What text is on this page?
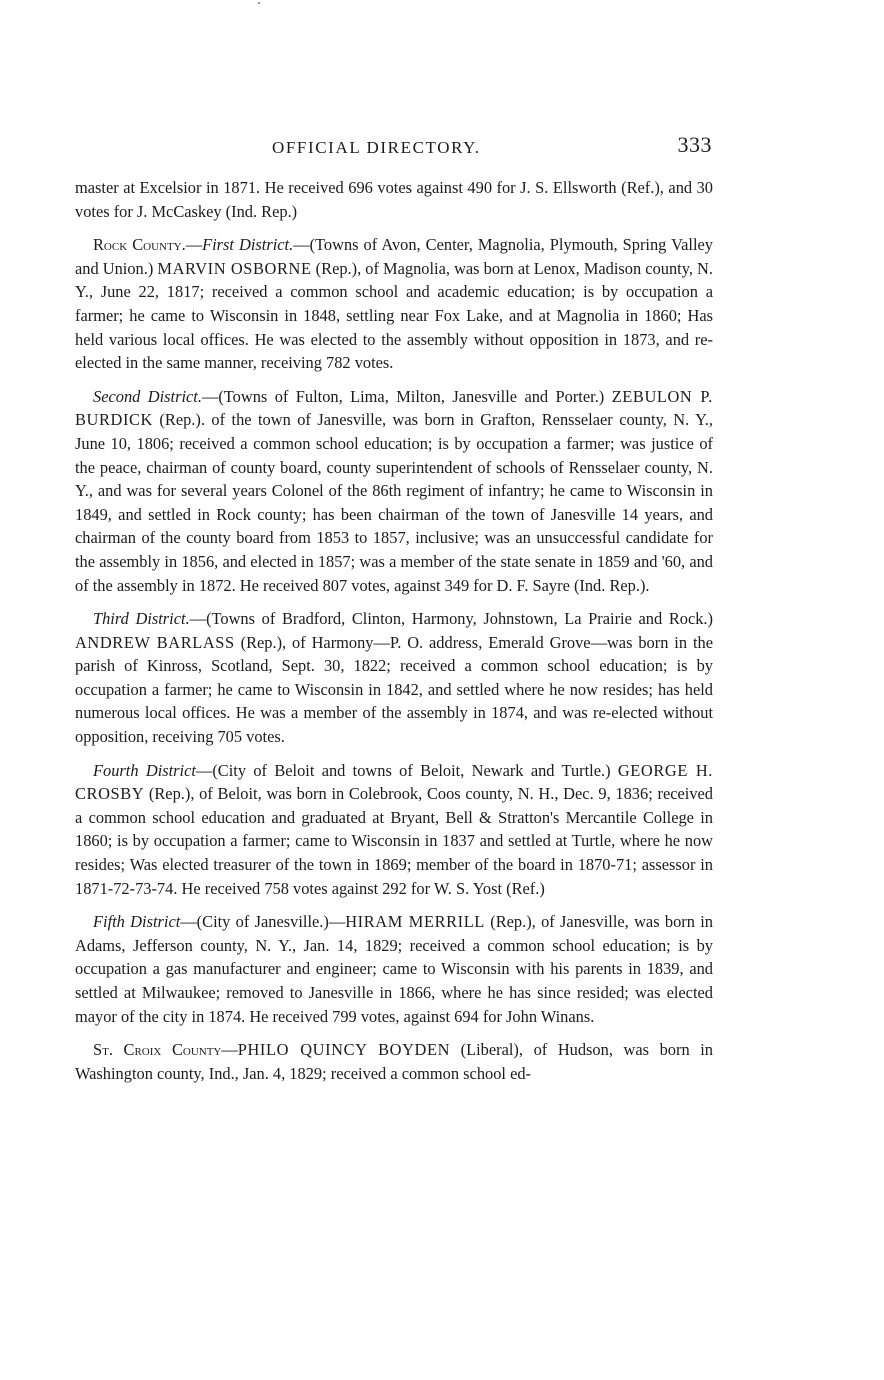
OFFICIAL DIRECTORY.	333

master at Excelsior in 1871. He received 696 votes against 490 for J. S. Ellsworth (Ref.), and 30 votes for J. McCaskey (Ind. Rep.)

Rock County.—First District.—(Towns of Avon, Center, Magnolia, Plymouth, Spring Valley and Union.) MARVIN OSBORNE (Rep.), of Magnolia, was born at Lenox, Madison county, N. Y., June 22, 1817; received a common school and academic education; is by occupation a farmer; he came to Wisconsin in 1848, settling near Fox Lake, and at Magnolia in 1860; Has held various local offices. He was elected to the assembly without opposition in 1873, and re-elected in the same manner, receiving 782 votes.

Second District.—(Towns of Fulton, Lima, Milton, Janesville and Porter.) ZEBULON P. BURDICK (Rep.). of the town of Janesville, was born in Grafton, Rensselaer county, N. Y., June 10, 1806; received a common school education; is by occupation a farmer; was justice of the peace, chairman of county board, county superintendent of schools of Rensselaer county, N. Y., and was for several years Colonel of the 86th regiment of infantry; he came to Wisconsin in 1849, and settled in Rock county; has been chairman of the town of Janesville 14 years, and chairman of the county board from 1853 to 1857, inclusive; was an unsuccessful candidate for the assembly in 1856, and elected in 1857; was a member of the state senate in 1859 and '60, and of the assembly in 1872. He received 807 votes, against 349 for D. F. Sayre (Ind. Rep.).

Third District.—(Towns of Bradford, Clinton, Harmony, Johnstown, La Prairie and Rock.) ANDREW BARLASS (Rep.), of Harmony—P. O. address, Emerald Grove—was born in the parish of Kinross, Scotland, Sept. 30, 1822; received a common school education; is by occupation a farmer; he came to Wisconsin in 1842, and settled where he now resides; has held numerous local offices. He was a member of the assembly in 1874, and was re-elected without opposition, receiving 705 votes.

Fourth District—(City of Beloit and towns of Beloit, Newark and Turtle.) GEORGE H. CROSBY (Rep.), of Beloit, was born in Colebrook, Coos county, N. H., Dec. 9, 1836; received a common school education and graduated at Bryant, Bell & Stratton's Mercantile College in 1860; is by occupation a farmer; came to Wisconsin in 1837 and settled at Turtle, where he now resides; Was elected treasurer of the town in 1869; member of the board in 1870-71; assessor in 1871-72-73-74. He received 758 votes against 292 for W. S. Yost (Ref.)

Fifth District—(City of Janesville.)—HIRAM MERRILL (Rep.), of Janesville, was born in Adams, Jefferson county, N. Y., Jan. 14, 1829; received a common school education; is by occupation a gas manufacturer and engineer; came to Wisconsin with his parents in 1839, and settled at Milwaukee; removed to Janesville in 1866, where he has since resided; was elected mayor of the city in 1874. He received 799 votes, against 694 for John Winans.

St. Croix County—PHILO QUINCY BOYDEN (Liberal), of Hudson, was born in Washington county, Ind., Jan. 4, 1829; received a common school ed-
